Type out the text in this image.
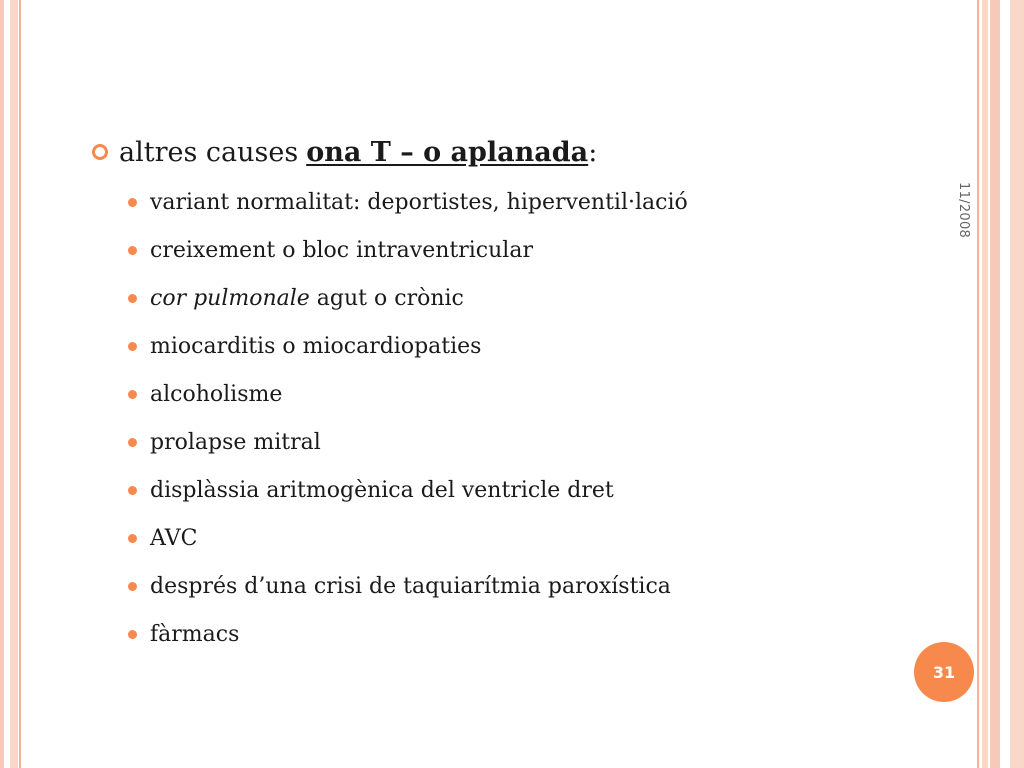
altres causes ona T – o aplanada :
variant normalitat: deportistes, hiperventil·lació
creixement o bloc intraventricular
cor pulmonale agut o crònic
miocarditis o miocardiopaties
alcoholisme
prolapse mitral
displàssia aritmogènica del ventricle dret
AVC
després d’una crisi de taquiarítmia paroxística
fàrmacs
11/2008
31
